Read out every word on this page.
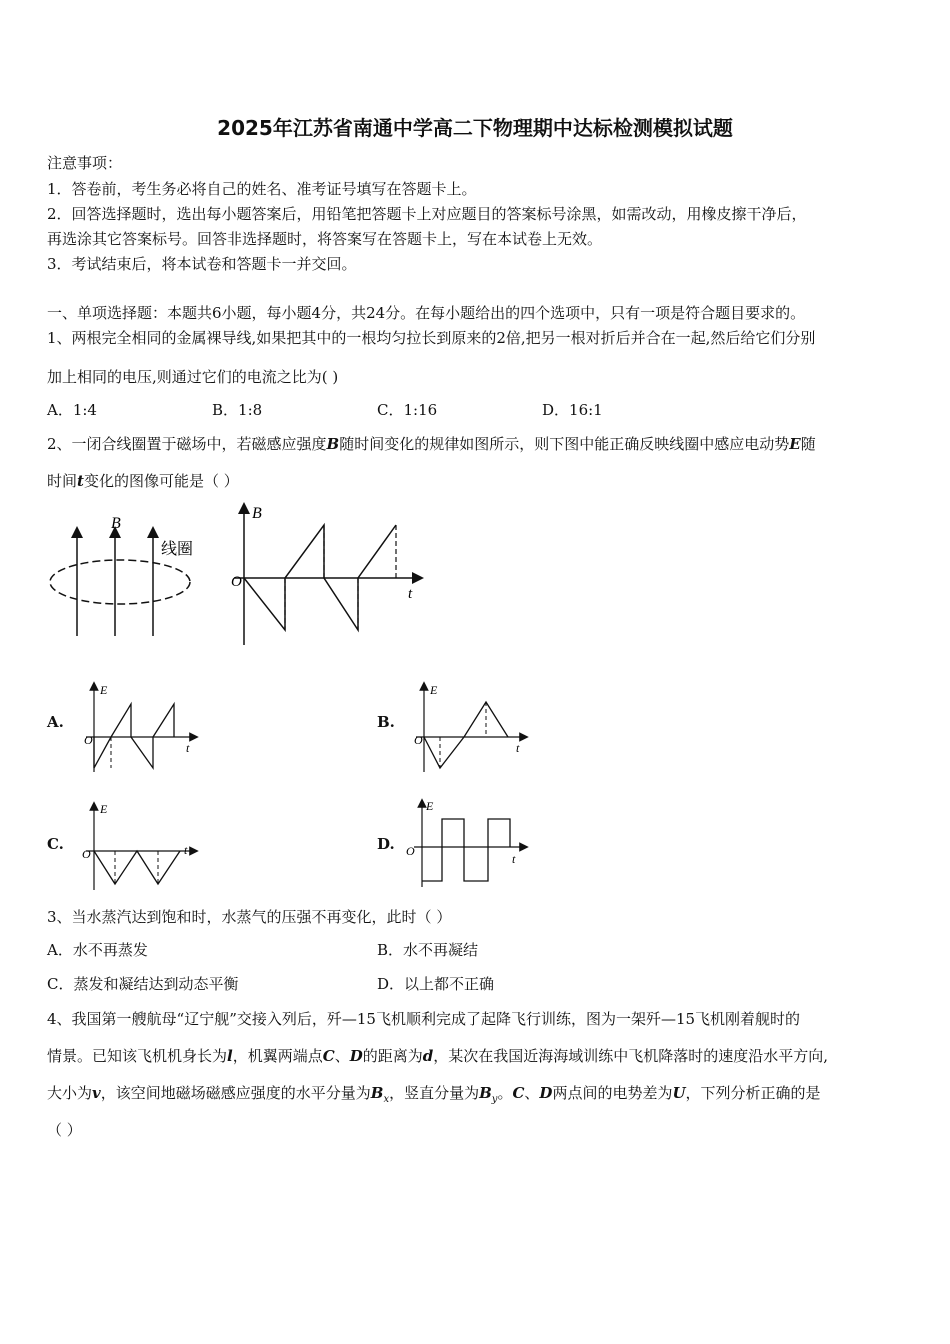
2025年江苏省南通中学高二下物理期中达标检测模拟试题
注意事项：
1．答卷前，考生务必将自己的姓名、准考证号填写在答题卡上。
2．回答选择题时，选出每小题答案后，用铅笔把答题卡上对应题目的答案标号涂黑，如需改动，用橡皮擦干净后，
再选涂其它答案标号。回答非选择题时，将答案写在答题卡上，写在本试卷上无效。
3．考试结束后，将本试卷和答题卡一并交回。
一、单项选择题：本题共6小题，每小题4分，共24分。在每小题给出的四个选项中，只有一项是符合题目要求的。
1、两根完全相同的金属裸导线,如果把其中的一根均匀拉长到原来的2倍,把另一根对折后并合在一起,然后给它们分别
加上相同的电压,则通过它们的电流之比为( )
A．1:4	B．1:8	C．1:16	D．16:1
2、一闭合线圈置于磁场中，若磁感应强度B随时间变化的规律如图所示，则下图中能正确反映线圈中感应电动势E随
时间t变化的图像可能是（ ）
B
线圈
B
O
t
A.
E
O
t
B.
E
O
t
C.
E
O	t	D.
E
O
t
3、当水蒸汽达到饱和时，水蒸气的压强不再变化，此时（ ）
A．水不再蒸发	B．水不再凝结
C．蒸发和凝结达到动态平衡	D．以上都不正确
4、我国第一艘航母“辽宁舰”交接入列后，歼—15飞机顺利完成了起降飞行训练，图为一架歼—15飞机刚着舰时的
情景。已知该飞机机身长为l，机翼两端点C、D的距离为d，某次在我国近海海域训练中飞机降落时的速度沿水平方向,
大小为v，该空间地磁场磁感应强度的水平分量为$B_x$，竖直分量为$B_y$。C、D两点间的电势差为U，下列分析正确的是
（ ）
